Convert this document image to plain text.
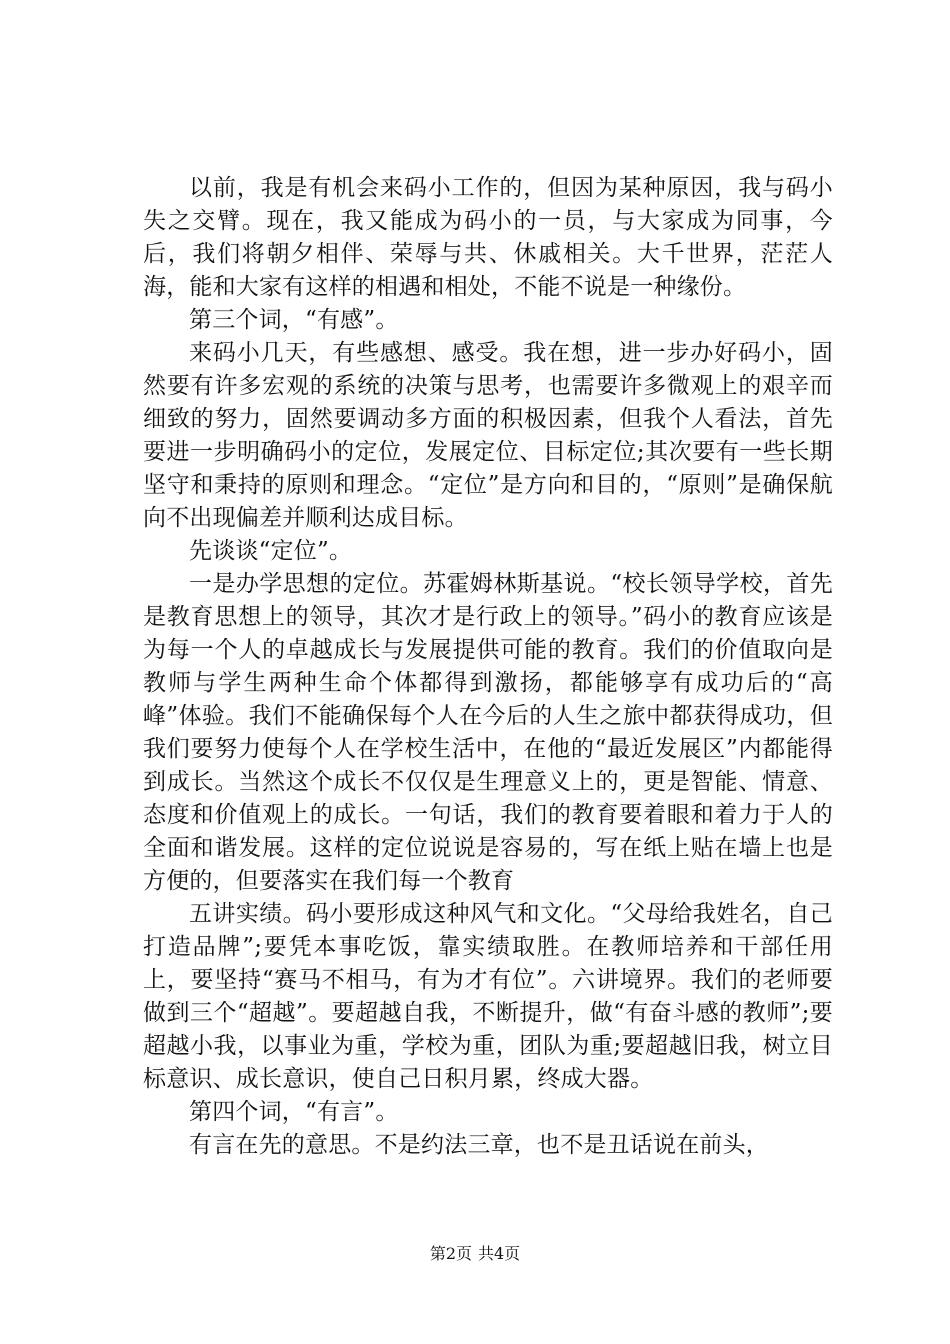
以前，我是有机会来码小工作的，但因为某种原因，我与码小失之交臂。现在，我又能成为码小的一员，与大家成为同事，今后，我们将朝夕相伴、荣辱与共、休戚相关。大千世界，茫茫人海，能和大家有这样的相遇和相处，不能不说是一种缘份。

第三个词，“有感”。

来码小几天，有些感想、感受。我在想，进一步办好码小，固然要有许多宏观的系统的决策与思考，也需要许多微观上的艰辛而细致的努力，固然要调动多方面的积极因素，但我个人看法，首先要进一步明确码小的定位，发展定位、目标定位;其次要有一些长期坚守和秉持的原则和理念。“定位”是方向和目的，“原则”是确保航向不出现偏差并顺利达成目标。

先谈谈“定位”。

一是办学思想的定位。苏霍姆林斯基说。“校长领导学校，首先是教育思想上的领导，其次才是行政上的领导。”码小的教育应该是为每一个人的卓越成长与发展提供可能的教育。我们的价值取向是教师与学生两种生命个体都得到激扬，都能够享有成功后的“高峰”体验。我们不能确保每个人在今后的人生之旅中都获得成功，但我们要努力使每个人在学校生活中，在他的“最近发展区”内都能得到成长。当然这个成长不仅仅是生理意义上的，更是智能、情意、态度和价值观上的成长。一句话，我们的教育要着眼和着力于人的全面和谐发展。这样的定位说说是容易的，写在纸上贴在墙上也是方便的，但要落实在我们每一个教育

五讲实绩。码小要形成这种风气和文化。“父母给我姓名，自己打造品牌”;要凭本事吃饭，靠实绩取胜。在教师培养和干部任用上，要坚持“赛马不相马，有为才有位”。六讲境界。我们的老师要做到三个“超越”。要超越自我，不断提升，做“有奋斗感的教师”;要超越小我，以事业为重，学校为重，团队为重;要超越旧我，树立目标意识、成长意识，使自己日积月累，终成大器。

第四个词，“有言”。

有言在先的意思。不是约法三章，也不是丑话说在前头，

第2页 共4页
